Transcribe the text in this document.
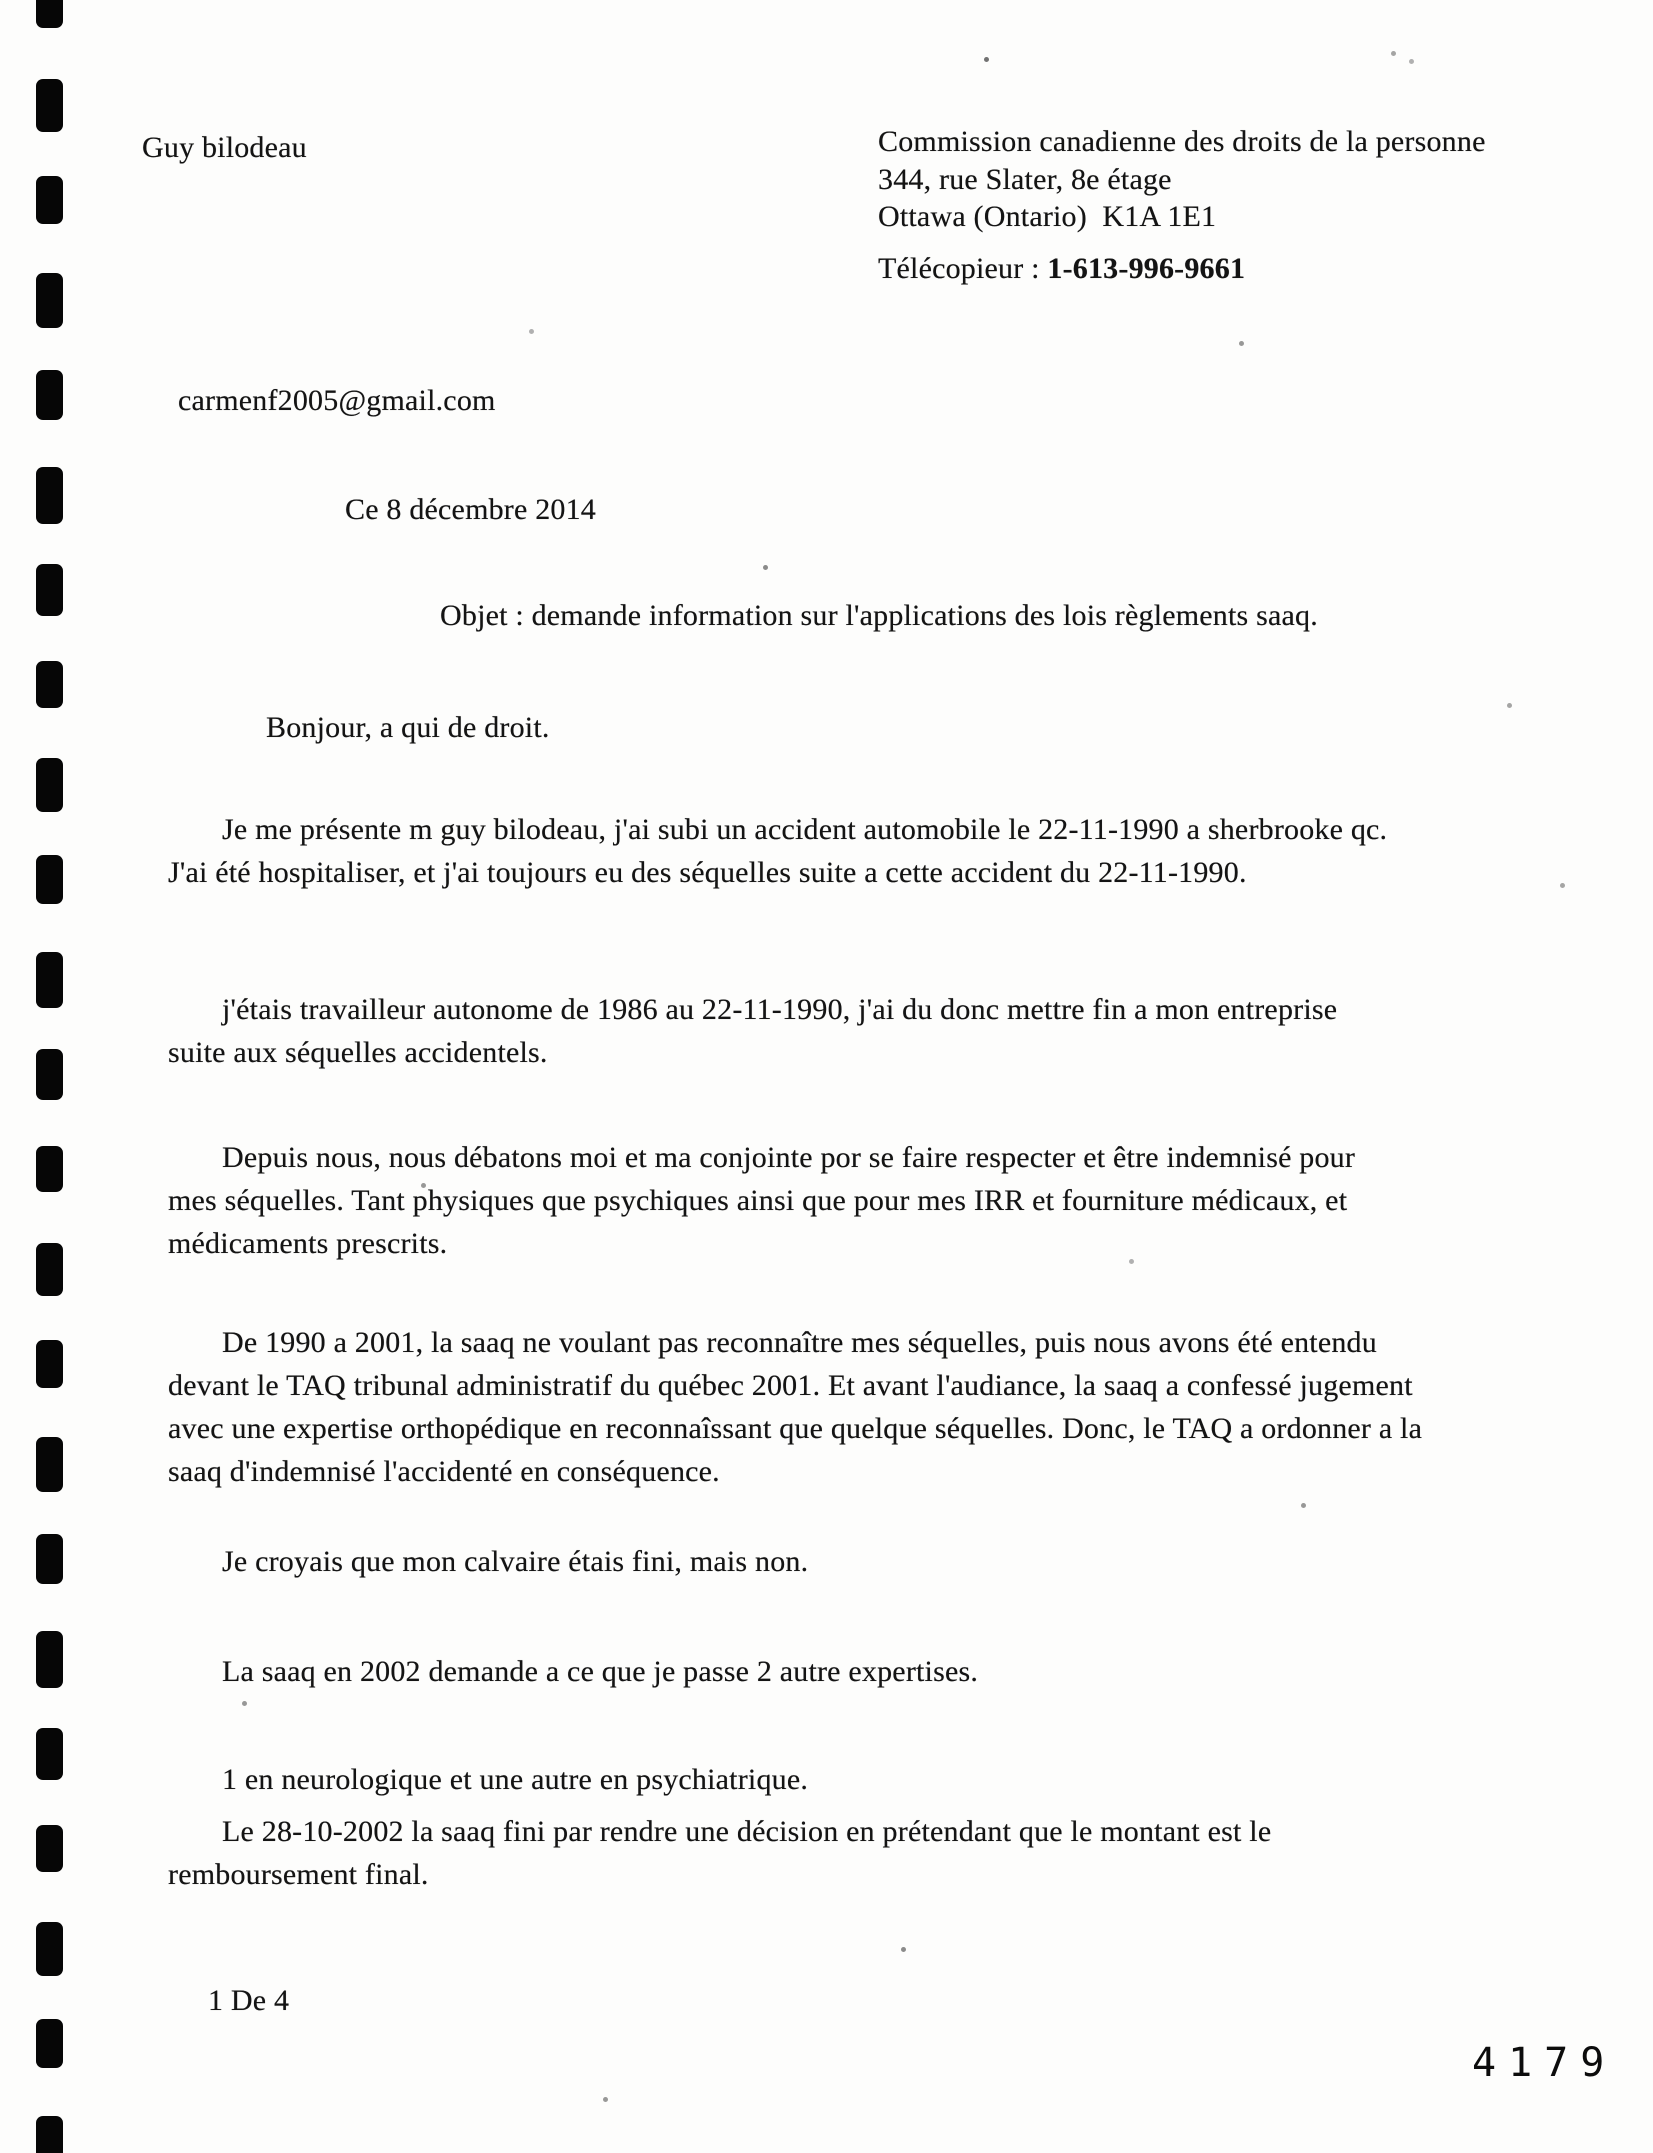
Guy bilodeau	Commission canadienne des droits de la personne
344, rue Slater, 8e étage
Ottawa (Ontario)  K1A 1E1
Télécopieur : 1-613-996-9661
carmenf2005@gmail.com
Ce 8 décembre 2014
Objet : demande information sur l'applications des lois règlements saaq.
Bonjour, a qui de droit.
Je me présente m guy bilodeau, j'ai subi un accident automobile le 22-11-1990 a sherbrooke qc.
J'ai été hospitaliser, et j'ai toujours eu des séquelles suite a cette accident du 22-11-1990.
j'étais travailleur autonome de 1986 au 22-11-1990, j'ai du donc mettre fin a mon entreprise
suite aux séquelles accidentels.
Depuis nous, nous débatons moi et ma conjointe por se faire respecter et être indemnisé pour
mes séquelles. Tant physiques que psychiques ainsi que pour mes IRR et fourniture médicaux, et
médicaments prescrits.
De 1990 a 2001, la saaq ne voulant pas reconnaître mes séquelles, puis nous avons été entendu
devant le TAQ tribunal administratif du québec 2001. Et avant l'audiance, la saaq a confessé jugement
avec une expertise orthopédique en reconnaîssant que quelque séquelles. Donc, le TAQ a ordonner a la
saaq d'indemnisé l'accidenté en conséquence.
Je croyais que mon calvaire étais fini, mais non.
La saaq en 2002 demande a ce que je passe 2 autre expertises.
1 en neurologique et une autre en psychiatrique.
Le 28-10-2002 la saaq fini par rendre une décision en prétendant que le montant est le
remboursement final.
1 De 4
4179
